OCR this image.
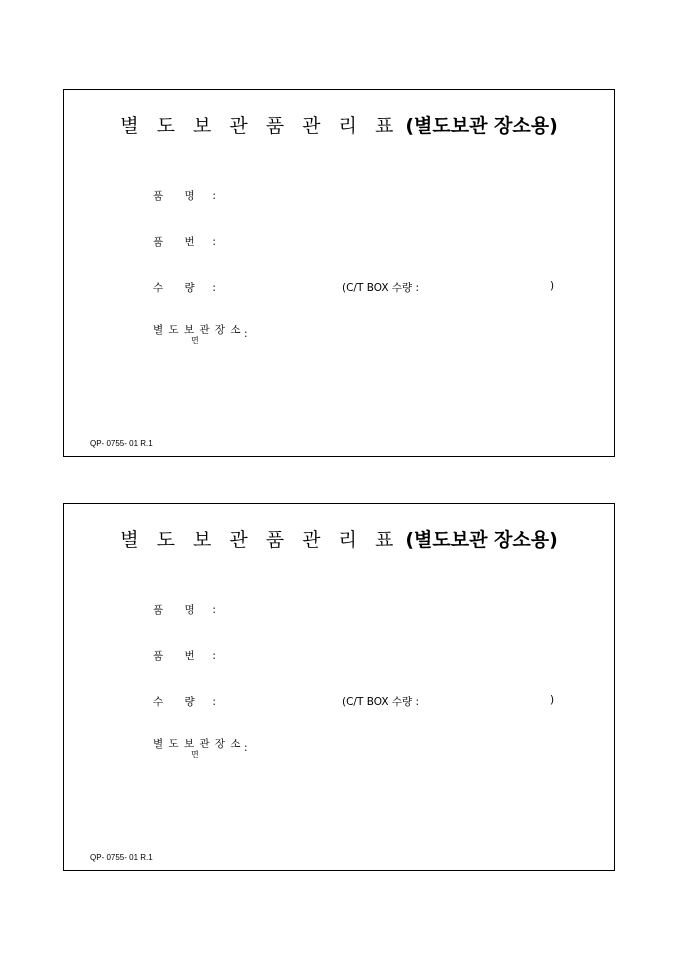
별 도 보 관 품 관 리 표 (별도보관 장소용)
품 명 :
품 번 :
수 량 :	(C/T BOX 수량 :	)
별 도 보 관 장 소
면
:
QP- 0755- 01 R.1
별 도 보 관 품 관 리 표 (별도보관 장소용)
품 명 :
품 번 :
수 량 :	(C/T BOX 수량 :	)
별 도 보 관 장 소
면
:
QP- 0755- 01 R.1
